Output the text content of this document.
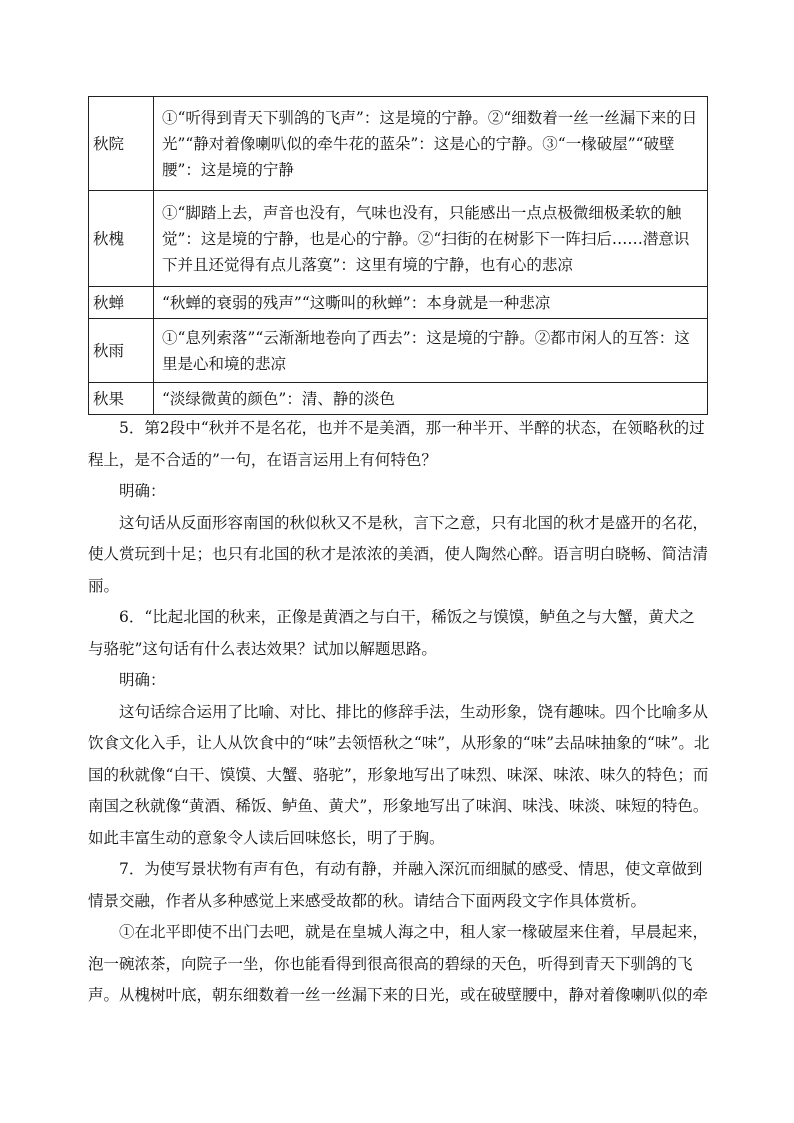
秋院	①“听得到青天下驯鸽的飞声”：这是境的宁静。②“细数着一丝一丝漏下来的日光”“静对着像喇叭似的牵牛花的蓝朵”：这是心的宁静。③“一椽破屋”“破壁腰”：这是境的宁静
秋槐	①“脚踏上去，声音也没有，气味也没有，只能感出一点点极微细极柔软的触觉”：这是境的宁静，也是心的宁静。②“扫街的在树影下一阵扫后……潜意识下并且还觉得有点儿落寞”：这里有境的宁静，也有心的悲凉
秋蝉	“秋蝉的衰弱的残声”“这嘶叫的秋蝉”：本身就是一种悲凉
秋雨	①“息列索落”“云渐渐地卷向了西去”：这是境的宁静。②都市闲人的互答：这里是心和境的悲凉
秋果	“淡绿微黄的颜色”：清、静的淡色

5．第2段中“秋并不是名花，也并不是美酒，那一种半开、半醉的状态，在领略秋的过程上，是不合适的”一句，在语言运用上有何特色？

明确：

这句话从反面形容南国的秋似秋又不是秋，言下之意，只有北国的秋才是盛开的名花，使人赏玩到十足；也只有北国的秋才是浓浓的美酒，使人陶然心醉。语言明白晓畅、简洁清丽。

6．“比起北国的秋来，正像是黄酒之与白干，稀饭之与馍馍，鲈鱼之与大蟹，黄犬之与骆驼”这句话有什么表达效果？试加以解题思路。

明确：

这句话综合运用了比喻、对比、排比的修辞手法，生动形象，饶有趣味。四个比喻多从饮食文化入手，让人从饮食中的“味”去领悟秋之“味”，从形象的“味”去品味抽象的“味”。北国的秋就像“白干、馍馍、大蟹、骆驼”，形象地写出了味烈、味深、味浓、味久的特色；而南国之秋就像“黄酒、稀饭、鲈鱼、黄犬”，形象地写出了味润、味浅、味淡、味短的特色。如此丰富生动的意象令人读后回味悠长，明了于胸。

7．为使写景状物有声有色，有动有静，并融入深沉而细腻的感受、情思，使文章做到情景交融，作者从多种感觉上来感受故都的秋。请结合下面两段文字作具体赏析。

①在北平即使不出门去吧，就是在皇城人海之中，租人家一椽破屋来住着，早晨起来，泡一碗浓茶，向院子一坐，你也能看得到很高很高的碧绿的天色，听得到青天下驯鸽的飞声。从槐树叶底，朝东细数着一丝一丝漏下来的日光，或在破壁腰中，静对着像喇叭似的牵
